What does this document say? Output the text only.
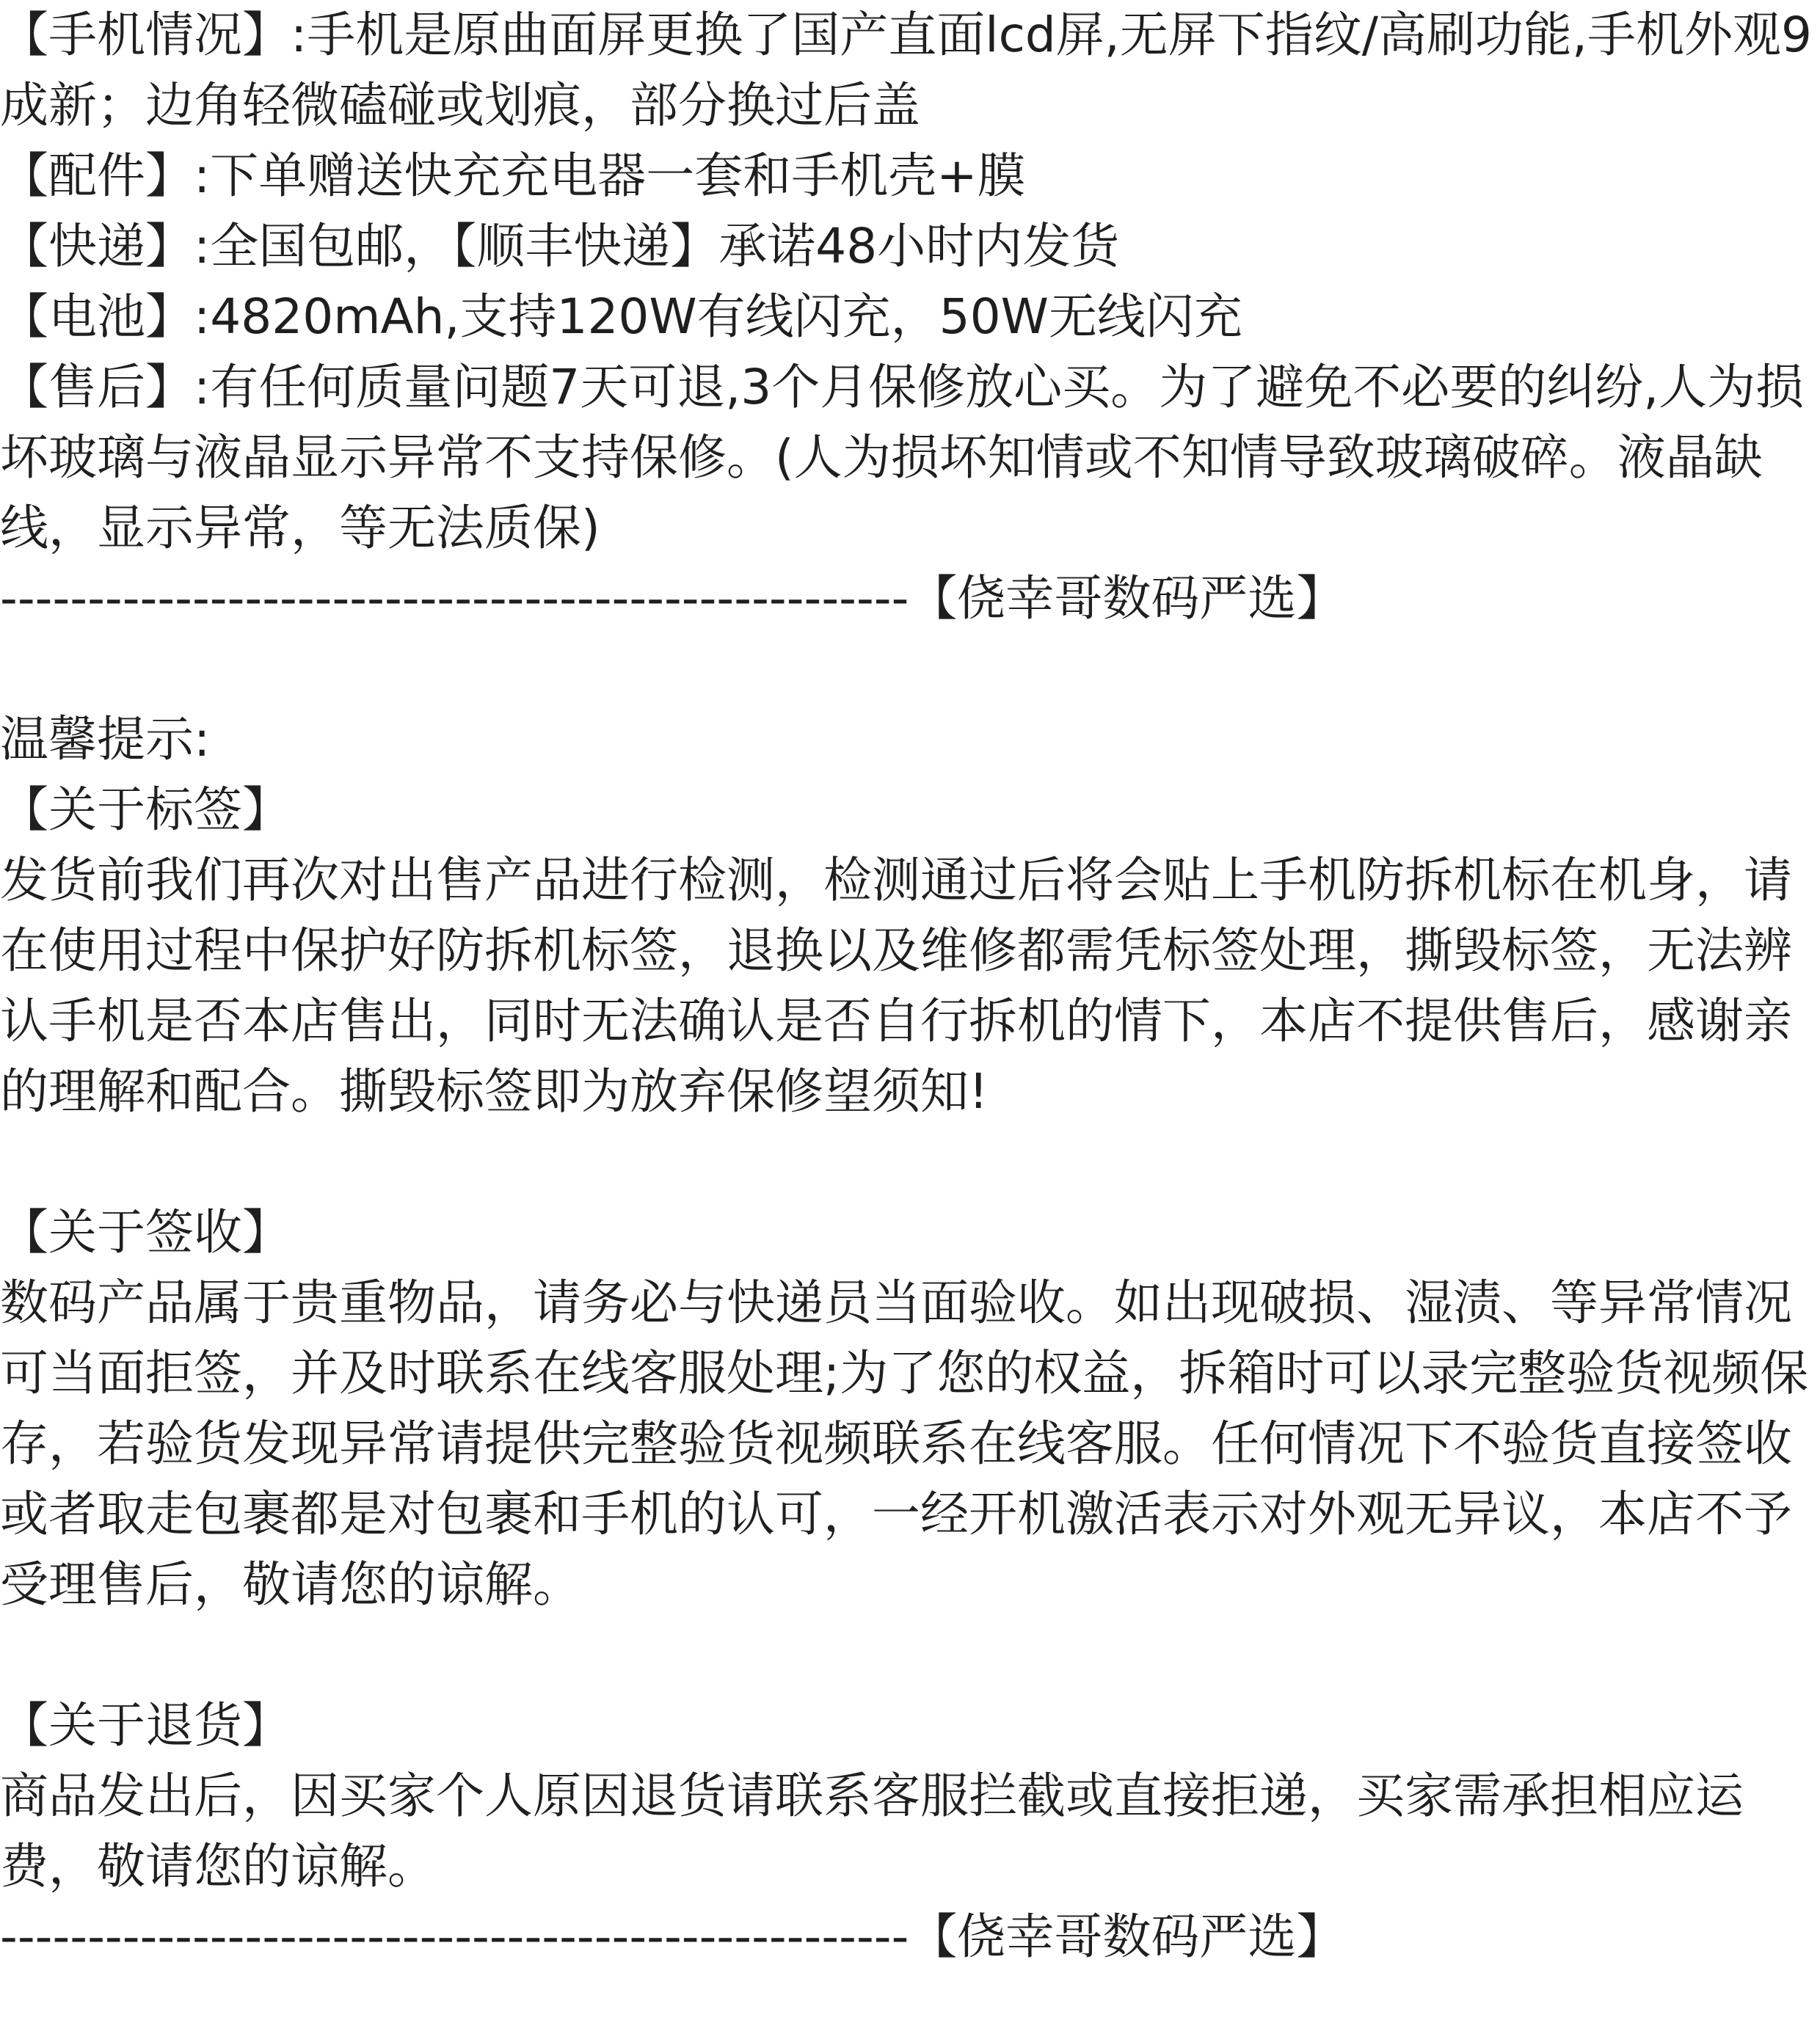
【手机情况】:手机是原曲面屏更换了国产直面lcd屏,无屏下指纹/高刷功能,手机外观9成新；边角轻微磕碰或划痕，部分换过后盖

【配件】:下单赠送快充充电器一套和手机壳+膜

【快递】:全国包邮，【顺丰快递】承诺48小时内发货

【电池】:4820mAh,支持120W有线闪充，50W无线闪充

【售后】:有任何质量问题7天可退,3个月保修放心买。为了避免不必要的纠纷,人为损坏玻璃与液晶显示异常不支持保修。(人为损坏知情或不知情导致玻璃破碎。液晶缺线，显示异常，等无法质保)

----------------------------------------------------【侥幸哥数码严选】

温馨提示:

【关于标签】

发货前我们再次对出售产品进行检测，检测通过后将会贴上手机防拆机标在机身，请在使用过程中保护好防拆机标签，退换以及维修都需凭标签处理，撕毁标签，无法辨认手机是否本店售出，同时无法确认是否自行拆机的情下，本店不提供售后，感谢亲的理解和配合。撕毁标签即为放弃保修望须知!

【关于签收】

数码产品属于贵重物品，请务必与快递员当面验收。如出现破损、湿渍、等异常情况可当面拒签，并及时联系在线客服处理;为了您的权益，拆箱时可以录完整验货视频保存，若验货发现异常请提供完整验货视频联系在线客服。任何情况下不验货直接签收或者取走包裹都是对包裹和手机的认可，一经开机激活表示对外观无异议，本店不予受理售后，敬请您的谅解。

【关于退货】

商品发出后，因买家个人原因退货请联系客服拦截或直接拒递，买家需承担相应运费，敬请您的谅解。

----------------------------------------------------【侥幸哥数码严选】
